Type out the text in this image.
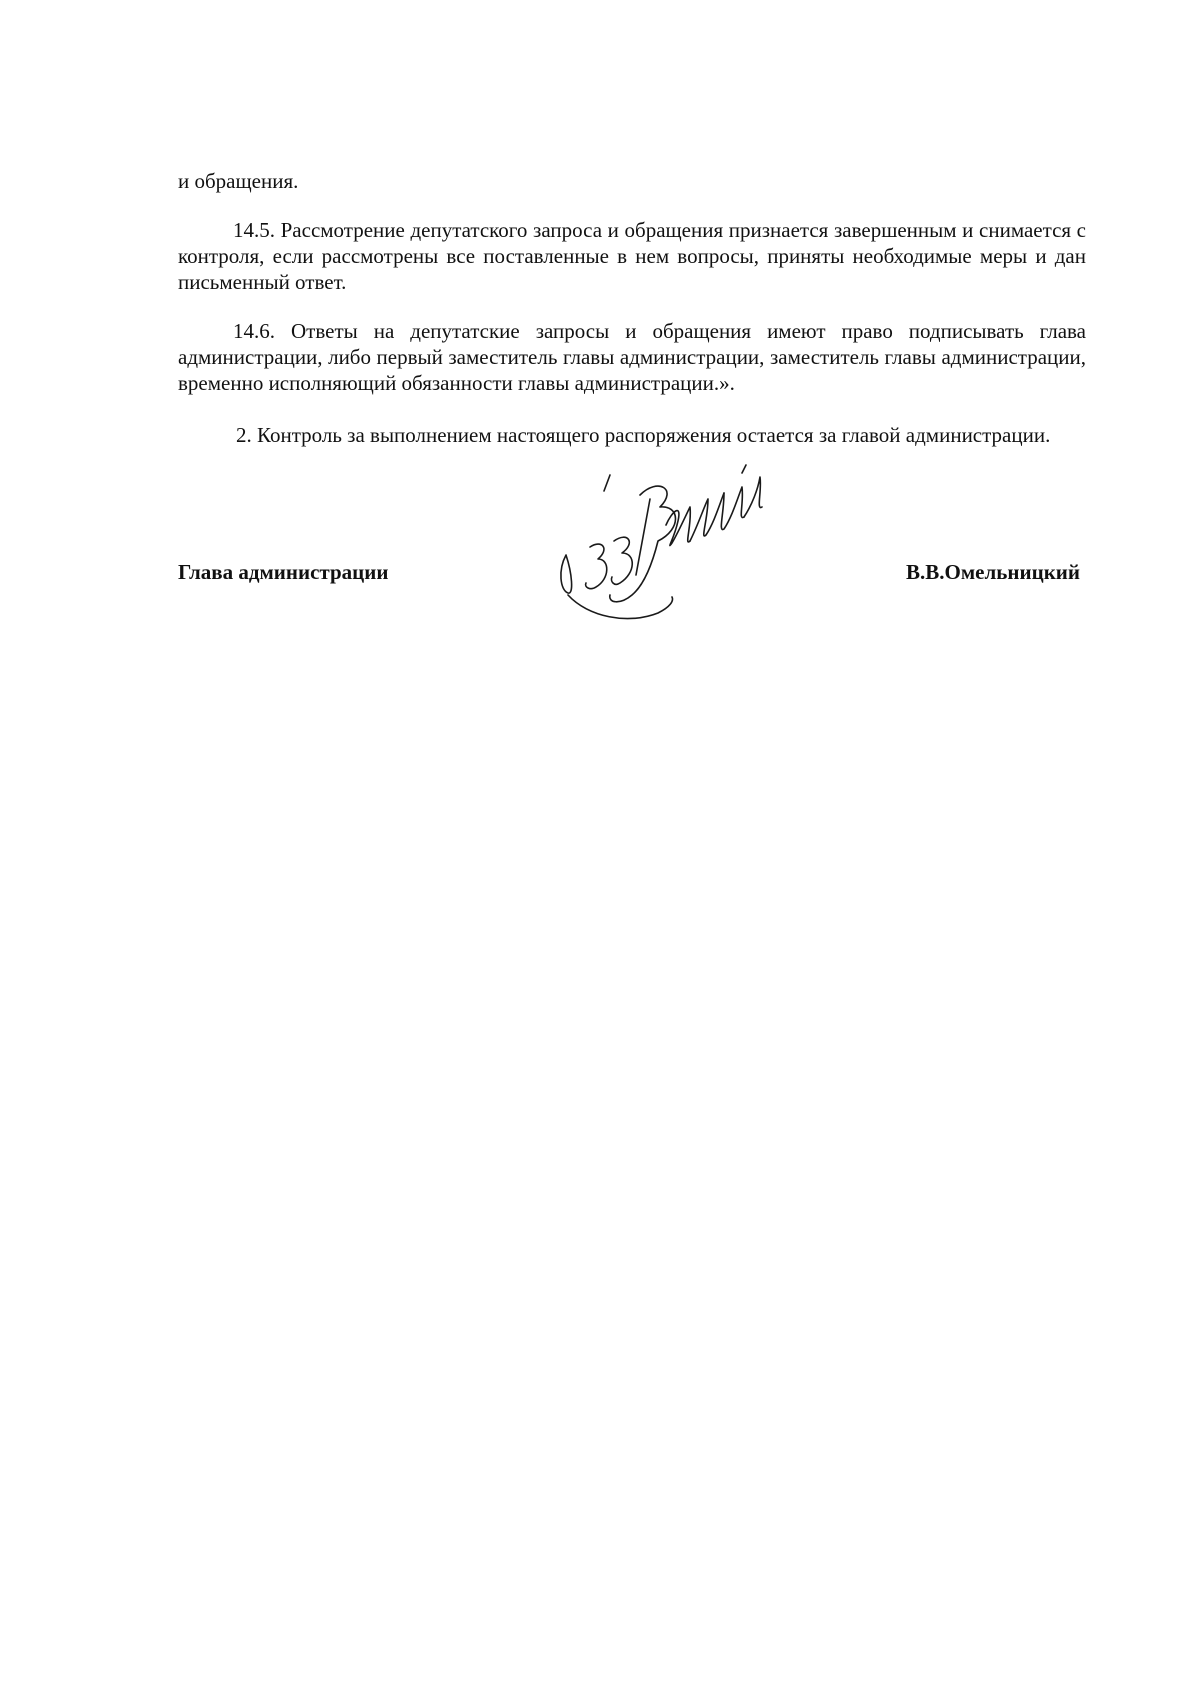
и обращения.

14.5. Рассмотрение депутатского запроса и обращения признается завершенным и снимается с контроля, если рассмотрены все поставленные в нем вопросы, приняты необходимые меры и дан письменный ответ.

14.6. Ответы на депутатские запросы и обращения имеют право подписывать глава администрации, либо первый заместитель главы администрации, заместитель главы администрации, временно исполняющий обязанности главы администрации.».

2. Контроль за выполнением настоящего распоряжения остается за главой администрации.

Глава администрации	В.В.Омельницкий
